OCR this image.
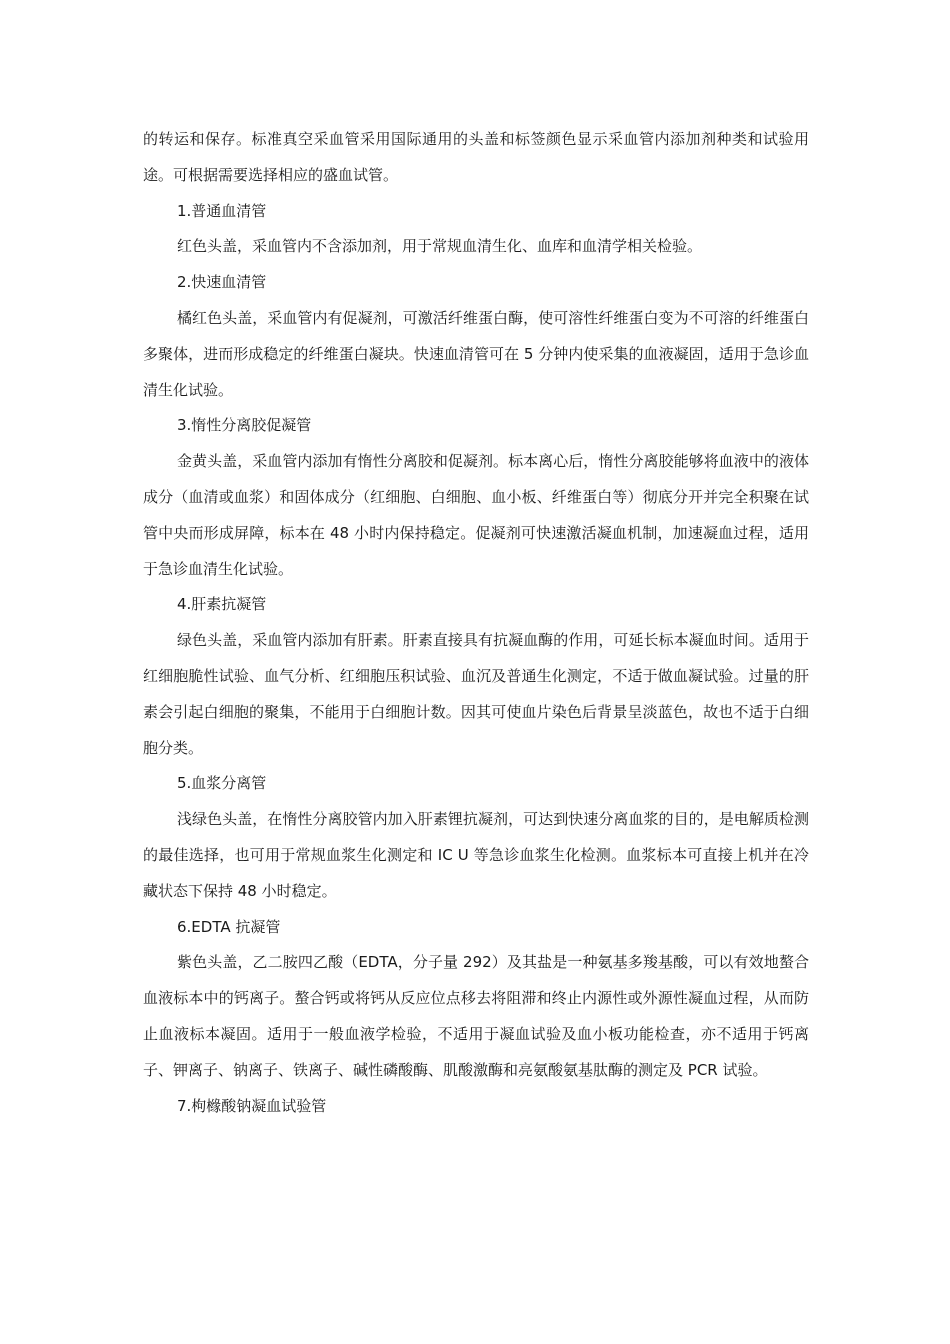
的转运和保存。标准真空采血管采用国际通用的头盖和标签颜色显示采血管内添加剂种类和试验用途。可根据需要选择相应的盛血试管。

1.普通血清管

红色头盖，采血管内不含添加剂，用于常规血清生化、血库和血清学相关检验。

2.快速血清管

橘红色头盖，采血管内有促凝剂，可激活纤维蛋白酶，使可溶性纤维蛋白变为不可溶的纤维蛋白多聚体，进而形成稳定的纤维蛋白凝块。快速血清管可在 5 分钟内使采集的血液凝固，适用于急诊血清生化试验。

3.惰性分离胶促凝管

金黄头盖，采血管内添加有惰性分离胶和促凝剂。标本离心后，惰性分离胶能够将血液中的液体成分（血清或血浆）和固体成分（红细胞、白细胞、血小板、纤维蛋白等）彻底分开并完全积聚在试管中央而形成屏障，标本在 48 小时内保持稳定。促凝剂可快速激活凝血机制，加速凝血过程，适用于急诊血清生化试验。

4.肝素抗凝管

绿色头盖，采血管内添加有肝素。肝素直接具有抗凝血酶的作用，可延长标本凝血时间。适用于红细胞脆性试验、血气分析、红细胞压积试验、血沉及普通生化测定，不适于做血凝试验。过量的肝素会引起白细胞的聚集，不能用于白细胞计数。因其可使血片染色后背景呈淡蓝色，故也不适于白细胞分类。

5.血浆分离管

浅绿色头盖，在惰性分离胶管内加入肝素锂抗凝剂，可达到快速分离血浆的目的，是电解质检测的最佳选择，也可用于常规血浆生化测定和 IC U 等急诊血浆生化检测。血浆标本可直接上机并在冷藏状态下保持 48 小时稳定。

6.EDTA 抗凝管

紫色头盖，乙二胺四乙酸（EDTA，分子量 292）及其盐是一种氨基多羧基酸，可以有效地螯合血液标本中的钙离子。螯合钙或将钙从反应位点移去将阻滞和终止内源性或外源性凝血过程，从而防止血液标本凝固。适用于一般血液学检验，不适用于凝血试验及血小板功能检查，亦不适用于钙离子、钾离子、钠离子、铁离子、碱性磷酸酶、肌酸激酶和亮氨酸氨基肽酶的测定及 PCR 试验。

7.枸橼酸钠凝血试验管
